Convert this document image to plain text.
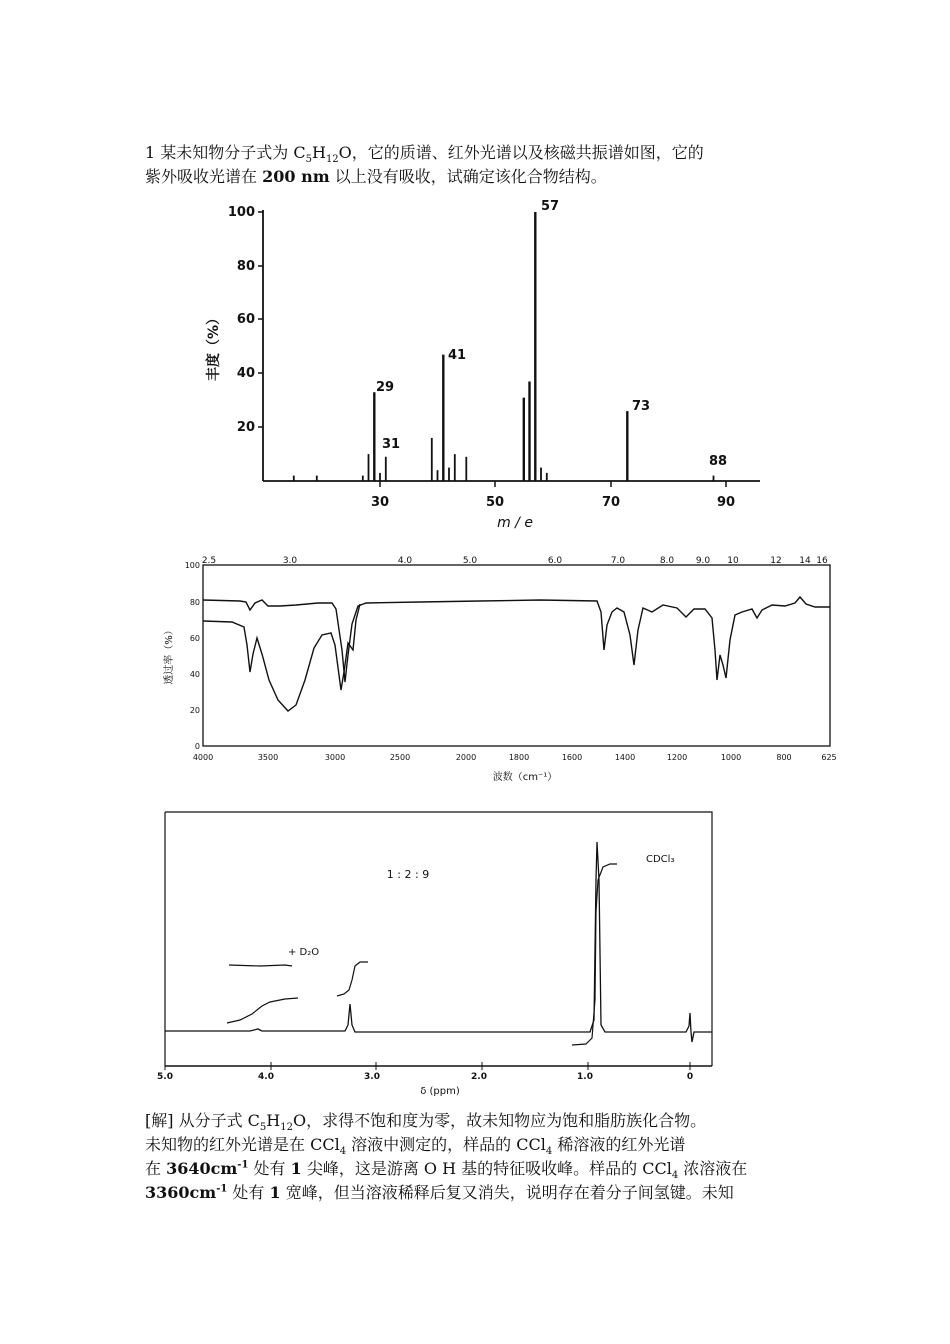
1 某未知物分子式为 $C_5H_{12}O$，它的质谱、红外光谱以及核磁共振谱如图，它的
紫外吸收光谱在 200 nm 以上没有吸收，试确定该化合物结构。
100
80
60
40
20
30	50	70	90
丰度（%）
m / e
57
41
29
31
73
88
2.5	3.0	4.0	5.0	6.0	7.0	8.0 9.0 10	12 14 16
100
80
60
40
20
0
透过率（%）
4000	3500	3000	2500	2000	1800	1600	1400	1200	1000	800	625
波数（cm⁻¹）
5.0	4.0	3.0	2.0	1.0	0
δ (ppm)
1 : 2 : 9
CDCl₃
+ D₂O
[解] 从分子式 $C_5H_{12}O$，求得不饱和度为零，故未知物应为饱和脂肪族化合物。
未知物的红外光谱是在 CCl$_4$ 溶液中测定的，样品的 CCl$_4$ 稀溶液的红外光谱
在 $3640cm^{-1}$ 处有 1 尖峰，这是游离 O H 基的特征吸收峰。样品的 CCl$_4$ 浓溶液在
$3360cm^{-1}$ 处有 1 宽峰，但当溶液稀释后复又消失，说明存在着分子间氢键。未知
